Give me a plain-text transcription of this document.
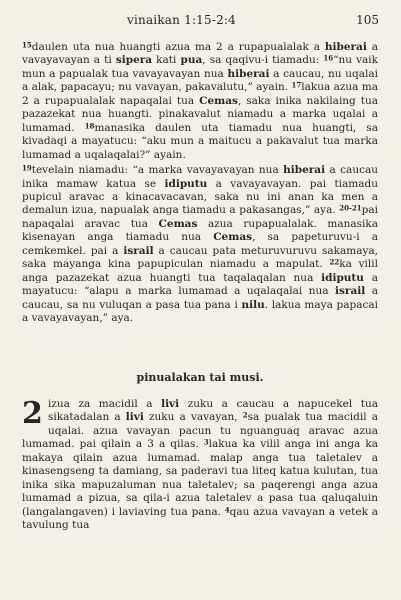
vinaikan 1:15-2:4	105

$^{15}$daulen uta nua huangti azua ma 2 a rupapualalak a hiberai a vavayavayan a ti sipera kati pua, sa qaqivu-i tiamadu: $^{16}$“nu vaik mun a papualak tua vavayavayan nua hiberai a caucau, nu uqalai a alak, papacayu; nu vavayan, pakavalutu,” ayain. $^{17}$lakua azua ma 2 a rupapualalak napaqalai tua Cemas, saka inika nakilaing tua pazazekat nua huangti. pinakavalut niamadu a marka uqalai a lumamad. $^{18}$manasika daulen uta tiamadu nua huangti, sa kivadaqi a mayatucu: “aku mun a maitucu a pakavalut tua marka lumamad a uqalaqalai?” ayain.

$^{19}$tevelain niamadu: “a marka vavayavayan nua hiberai a caucau inika mamaw katua se idiputu a vavayavayan. pai tiamadu pupicul aravac a kinacavacavan, saka nu ini anan ka men a demalun izua, napualak anga tiamadu a pakasangas,” aya. $^{20-21}$pai napaqalai aravac tua Cemas azua rupapualalak. manasika kisenayan anga tiamadu nua Cemas, sa papeturuvu-i a cemkemkel. pai a israil a caucau pata meturuvuruvu sakamaya, saka mayanga kina papupiculan niamadu a mapulat. $^{22}$ka vilil anga pazazekat azua huangti tua taqalaqalan nua idiputu a mayatucu: “alapu a marka lumamad a uqalaqalai nua israil a caucau, sa nu vuluqan a pasa tua pana i nilu. lakua maya papacai a vavayavayan,” aya.

pinualakan tai musi.
2 izua za macidil a livi zuku a caucau a napucekel tua sikatadalan a livi zuku a vavayan, $^2$sa pualak tua macidil a uqalai. azua vavayan pacun tu nguanguaq aravac azua lumamad. pai qilain a 3 a qilas. $^3$lakua ka vilil anga ini anga ka makaya qilain azua lumamad. malap anga tua taletalev a kinasengseng ta damiang, sa paderavi tua liteq katua kulutan, tua inika sika mapuzaluman nua taletalev; sa paqerengi anga azua lumamad a pizua, sa qila-i azua taletalev a pasa tua qaluqaluin (langalangaven) i laviaving tua pana. $^4$qau azua vavayan a vetek a tavulung tua
